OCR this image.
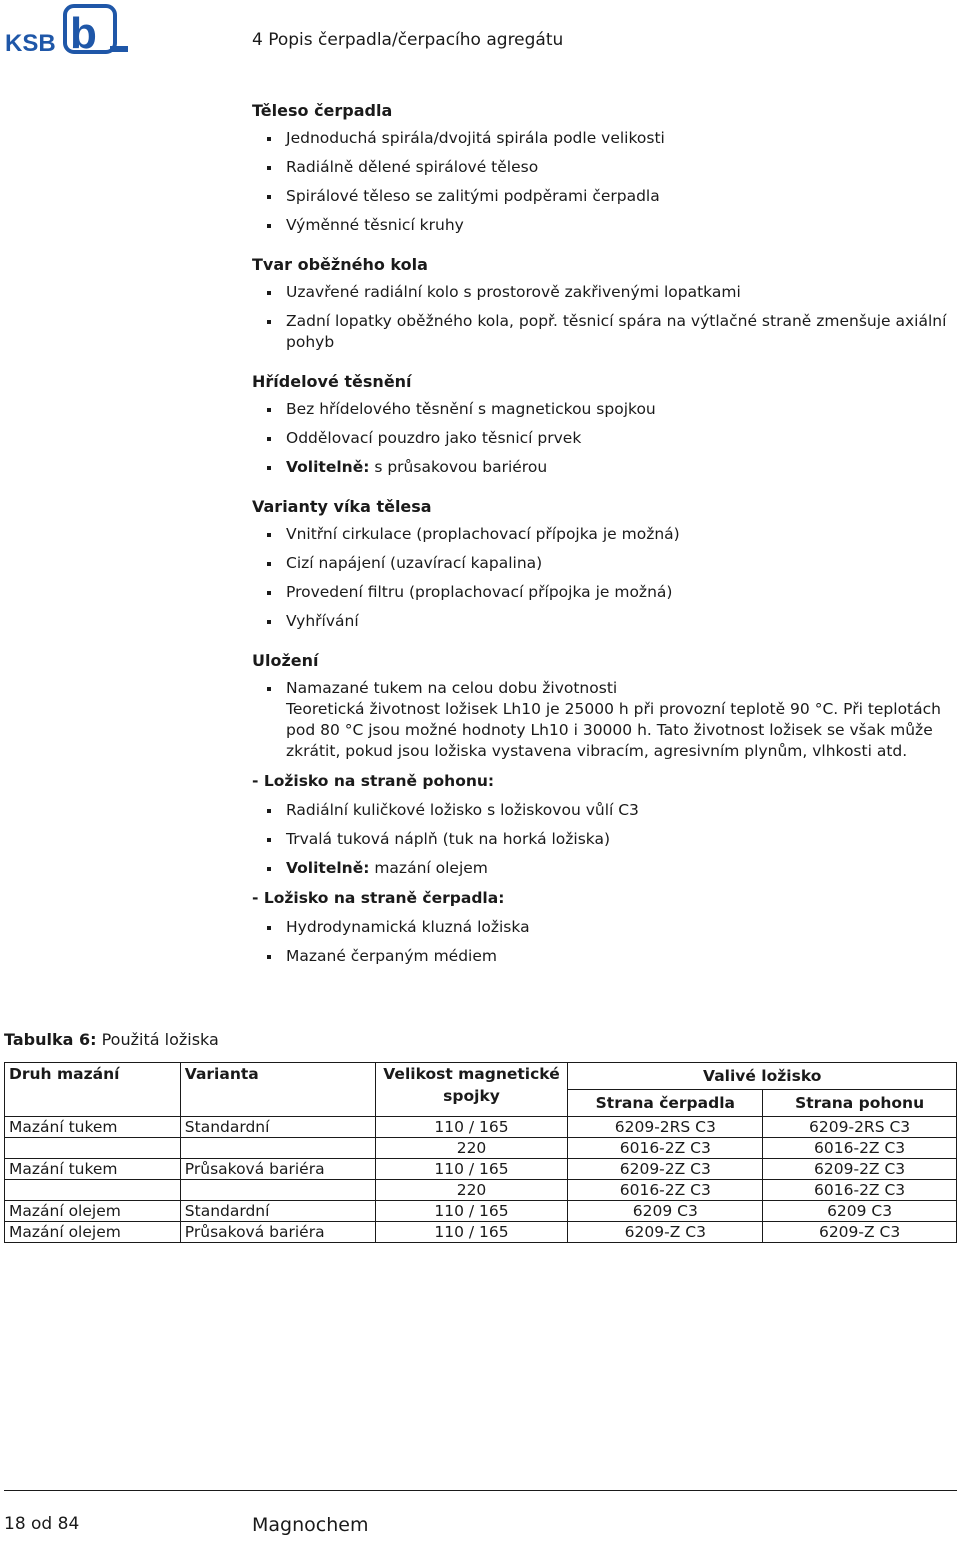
KSB b	4 Popis čerpadla/čerpacího agregátu
Těleso čerpadla
Jednoduchá spirála/dvojitá spirála podle velikosti
Radiálně dělené spirálové těleso
Spirálové těleso se zalitými podpěrami čerpadla
Výměnné těsnicí kruhy
Tvar oběžného kola
Uzavřené radiální kolo s prostorově zakřivenými lopatkami
Zadní lopatky oběžného kola, popř. těsnicí spára na výtlačné straně zmenšuje axiální pohyb
Hřídelové těsnění
Bez hřídelového těsnění s magnetickou spojkou
Oddělovací pouzdro jako těsnicí prvek
Volitelně: s průsakovou bariérou
Varianty víka tělesa
Vnitřní cirkulace (proplachovací přípojka je možná)
Cizí napájení (uzavírací kapalina)
Provedení filtru (proplachovací přípojka je možná)
Vyhřívání
Uložení
Namazané tukem na celou dobu životnosti
Teoretická životnost ložisek Lh10 je 25000 h při provozní teplotě 90 °C. Při teplotách pod 80 °C jsou možné hodnoty Lh10 i 30000 h. Tato životnost ložisek se však může zkrátit, pokud jsou ložiska vystavena vibracím, agresivním plynům, vlhkosti atd.
- Ložisko na straně pohonu:
Radiální kuličkové ložisko s ložiskovou vůlí C3
Trvalá tuková náplň (tuk na horká ložiska)
Volitelně: mazání olejem
- Ložisko na straně čerpadla:
Hydrodynamická kluzná ložiska
Mazané čerpaným médiem
Tabulka 6: Použitá ložiska
Druh mazání	Varianta	Velikost magnetické spojky	Valivé ložisko	
			Strana čerpadla	Strana pohonu
Mazání tukem	Standardní	110 / 165	6209-2RS C3	6209-2RS C3
		220	6016-2Z C3	6016-2Z C3
Mazání tukem	Průsaková bariéra	110 / 165	6209-2Z C3	6209-2Z C3
		220	6016-2Z C3	6016-2Z C3
Mazání olejem	Standardní	110 / 165	6209 C3	6209 C3
Mazání olejem	Průsaková bariéra	110 / 165	6209-Z C3	6209-Z C3
18 od 84	Magnochem
